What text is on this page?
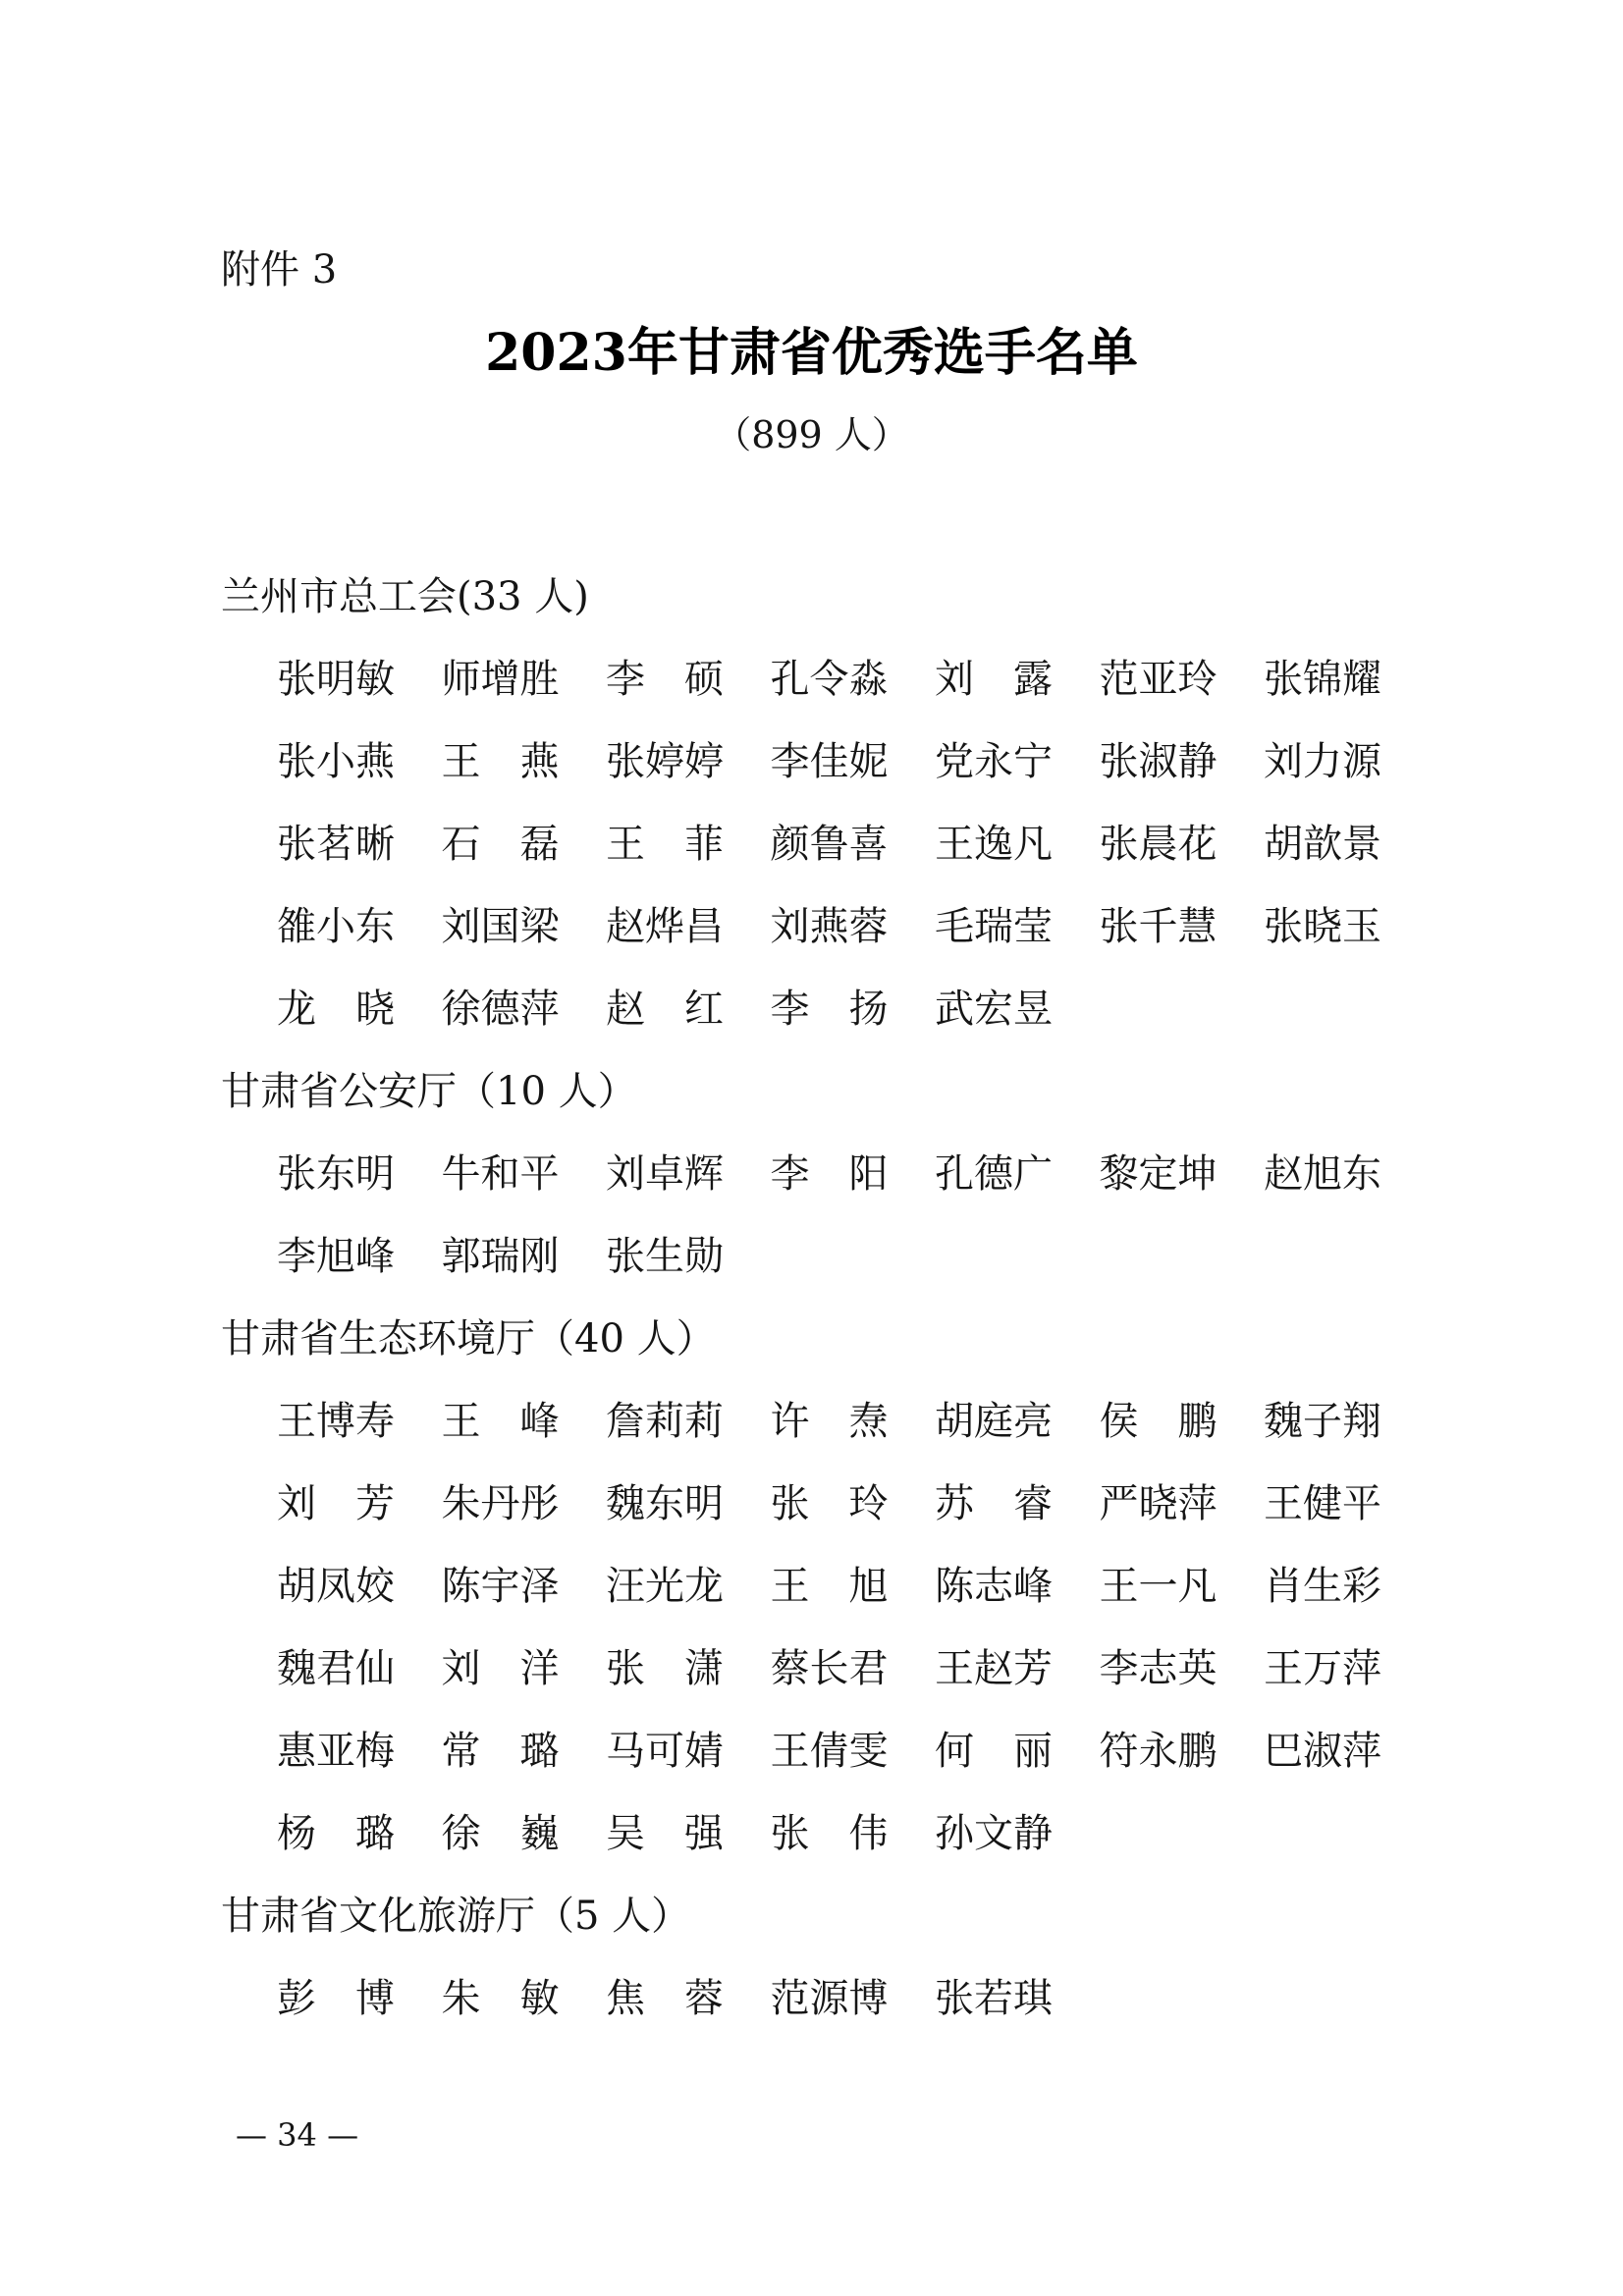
附件 3
2023年甘肃省优秀选手名单
（899 人）
兰州市总工会(33 人)
张明敏	师增胜	李　硕	孔令淼	刘　露	范亚玲	张锦耀
张小燕	王　燕	张婷婷	李佳妮	党永宁	张淑静	刘力源
张茗晰	石　磊	王　菲	颜鲁喜	王逸凡	张晨花	胡歆景
雒小东	刘国梁	赵烨昌	刘燕蓉	毛瑞莹	张千慧	张晓玉
龙　晓	徐德萍	赵　红	李　扬	武宏昱
甘肃省公安厅（10 人）
张东明	牛和平	刘卓辉	李　阳	孔德广	黎定坤	赵旭东
李旭峰	郭瑞刚	张生勋
甘肃省生态环境厅（40 人）
王博寿	王　峰	詹莉莉	许　焘	胡庭亮	侯　鹏	魏子翔
刘　芳	朱丹彤	魏东明	张　玲	苏　睿	严晓萍	王健平
胡凤姣	陈宇泽	汪光龙	王　旭	陈志峰	王一凡	肖生彩
魏君仙	刘　洋	张　潇	蔡长君	王赵芳	李志英	王万萍
惠亚梅	常　璐	马可婧	王倩雯	何　丽	符永鹏	巴淑萍
杨　璐	徐　巍	吴　强	张　伟	孙文静
甘肃省文化旅游厅（5 人）
彭　博	朱　敏	焦　蓉	范源博	张若琪
— 34 —
